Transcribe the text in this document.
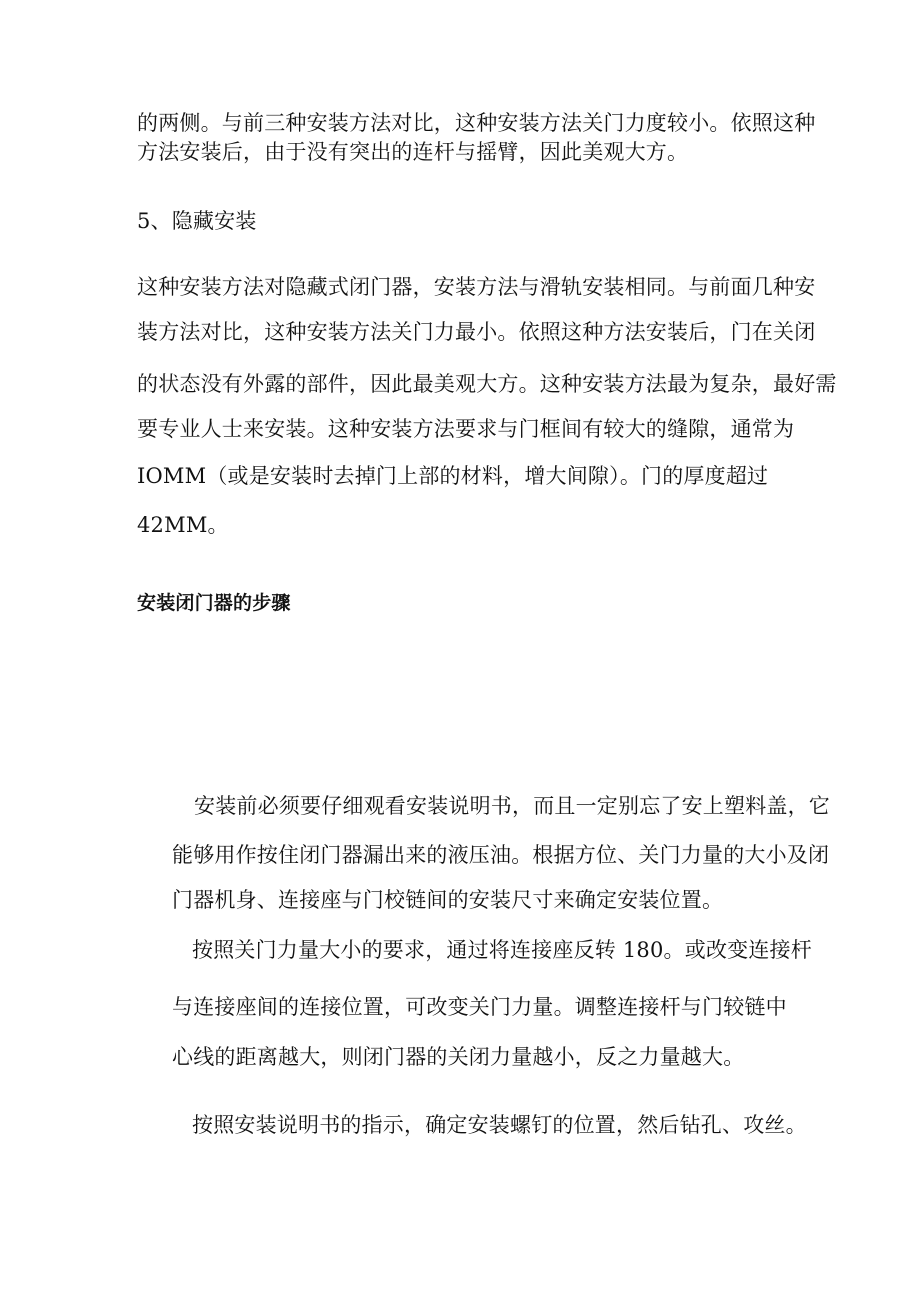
的两侧。与前三种安装方法对比，这种安装方法关门力度较小。依照这种
方法安装后，由于没有突出的连杆与摇臂，因此美观大方。
5、隐藏安装
这种安装方法对隐藏式闭门器，安装方法与滑轨安装相同。与前面几种安
装方法对比，这种安装方法关门力最小。依照这种方法安装后，门在关闭
的状态没有外露的部件，因此最美观大方。这种安装方法最为复杂，最好需
要专业人士来安装。这种安装方法要求与门框间有较大的缝隙，通常为
IOMM（或是安装时去掉门上部的材料，增大间隙）。门的厚度超过
42MM。
安装闭门器的步骤
安装前必须要仔细观看安装说明书，而且一定别忘了安上塑料盖，它
能够用作按住闭门器漏出来的液压油。根据方位、关门力量的大小及闭
门器机身、连接座与门校链间的安装尺寸来确定安装位置。
按照关门力量大小的要求，通过将连接座反转 180。或改变连接杆
与连接座间的连接位置，可改变关门力量。调整连接杆与门较链中
心线的距离越大，则闭门器的关闭力量越小，反之力量越大。
按照安装说明书的指示，确定安装螺钉的位置，然后钻孔、攻丝。
